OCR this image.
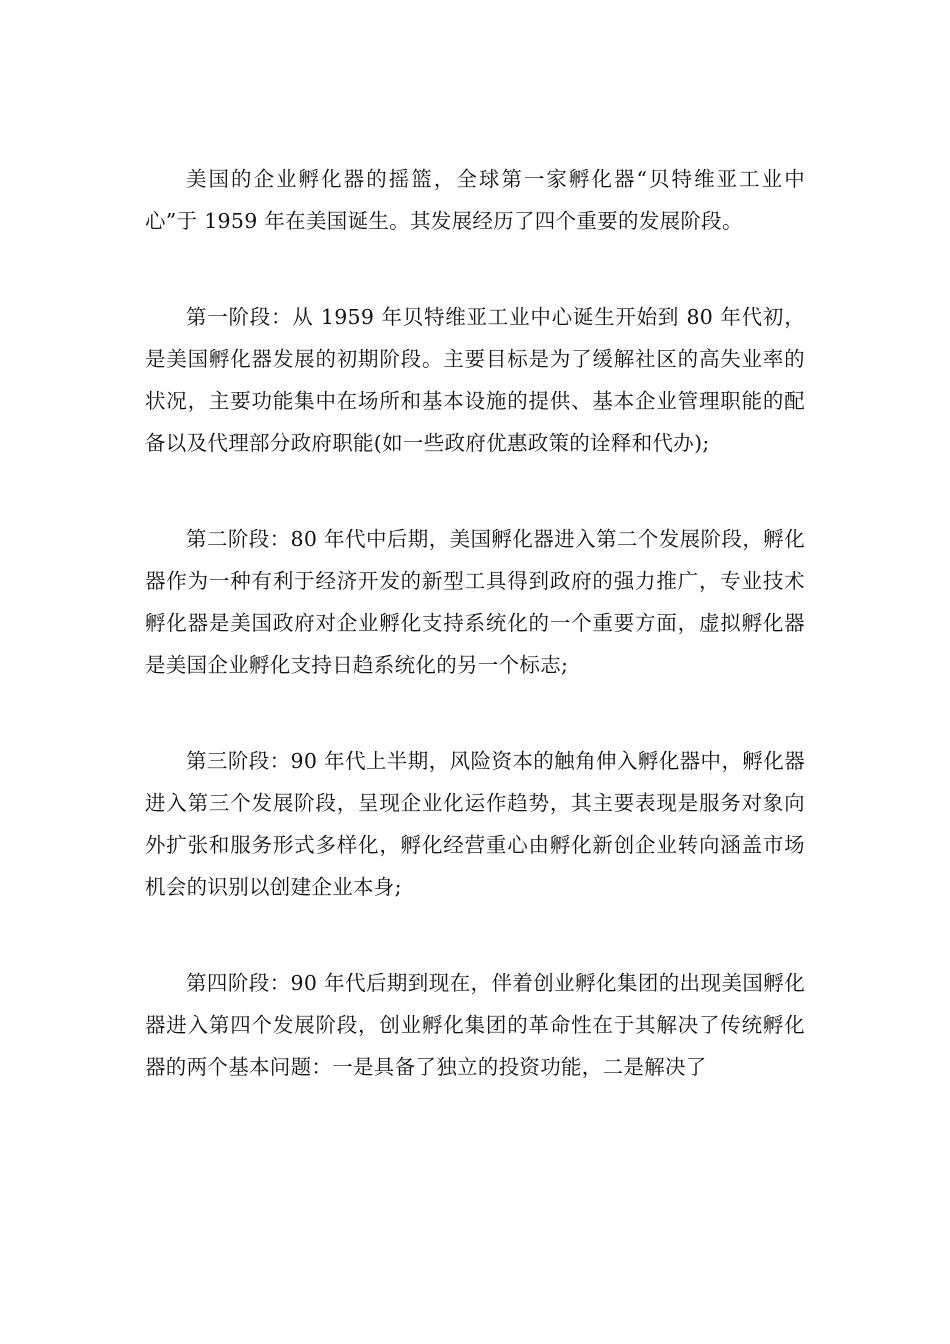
美国的企业孵化器的摇篮，全球第一家孵化器“贝特维亚工业中心”于 1959 年在美国诞生。其发展经历了四个重要的发展阶段。

第一阶段：从 1959 年贝特维亚工业中心诞生开始到 80 年代初，是美国孵化器发展的初期阶段。主要目标是为了缓解社区的高失业率的状况，主要功能集中在场所和基本设施的提供、基本企业管理职能的配备以及代理部分政府职能(如一些政府优惠政策的诠释和代办);

第二阶段：80 年代中后期，美国孵化器进入第二个发展阶段，孵化器作为一种有利于经济开发的新型工具得到政府的强力推广，专业技术孵化器是美国政府对企业孵化支持系统化的一个重要方面，虚拟孵化器是美国企业孵化支持日趋系统化的另一个标志;

第三阶段：90 年代上半期，风险资本的触角伸入孵化器中，孵化器进入第三个发展阶段，呈现企业化运作趋势，其主要表现是服务对象向外扩张和服务形式多样化，孵化经营重心由孵化新创企业转向涵盖市场机会的识别以创建企业本身;

第四阶段：90 年代后期到现在，伴着创业孵化集团的出现美国孵化器进入第四个发展阶段，创业孵化集团的革命性在于其解决了传统孵化器的两个基本问题：一是具备了独立的投资功能，二是解决了
